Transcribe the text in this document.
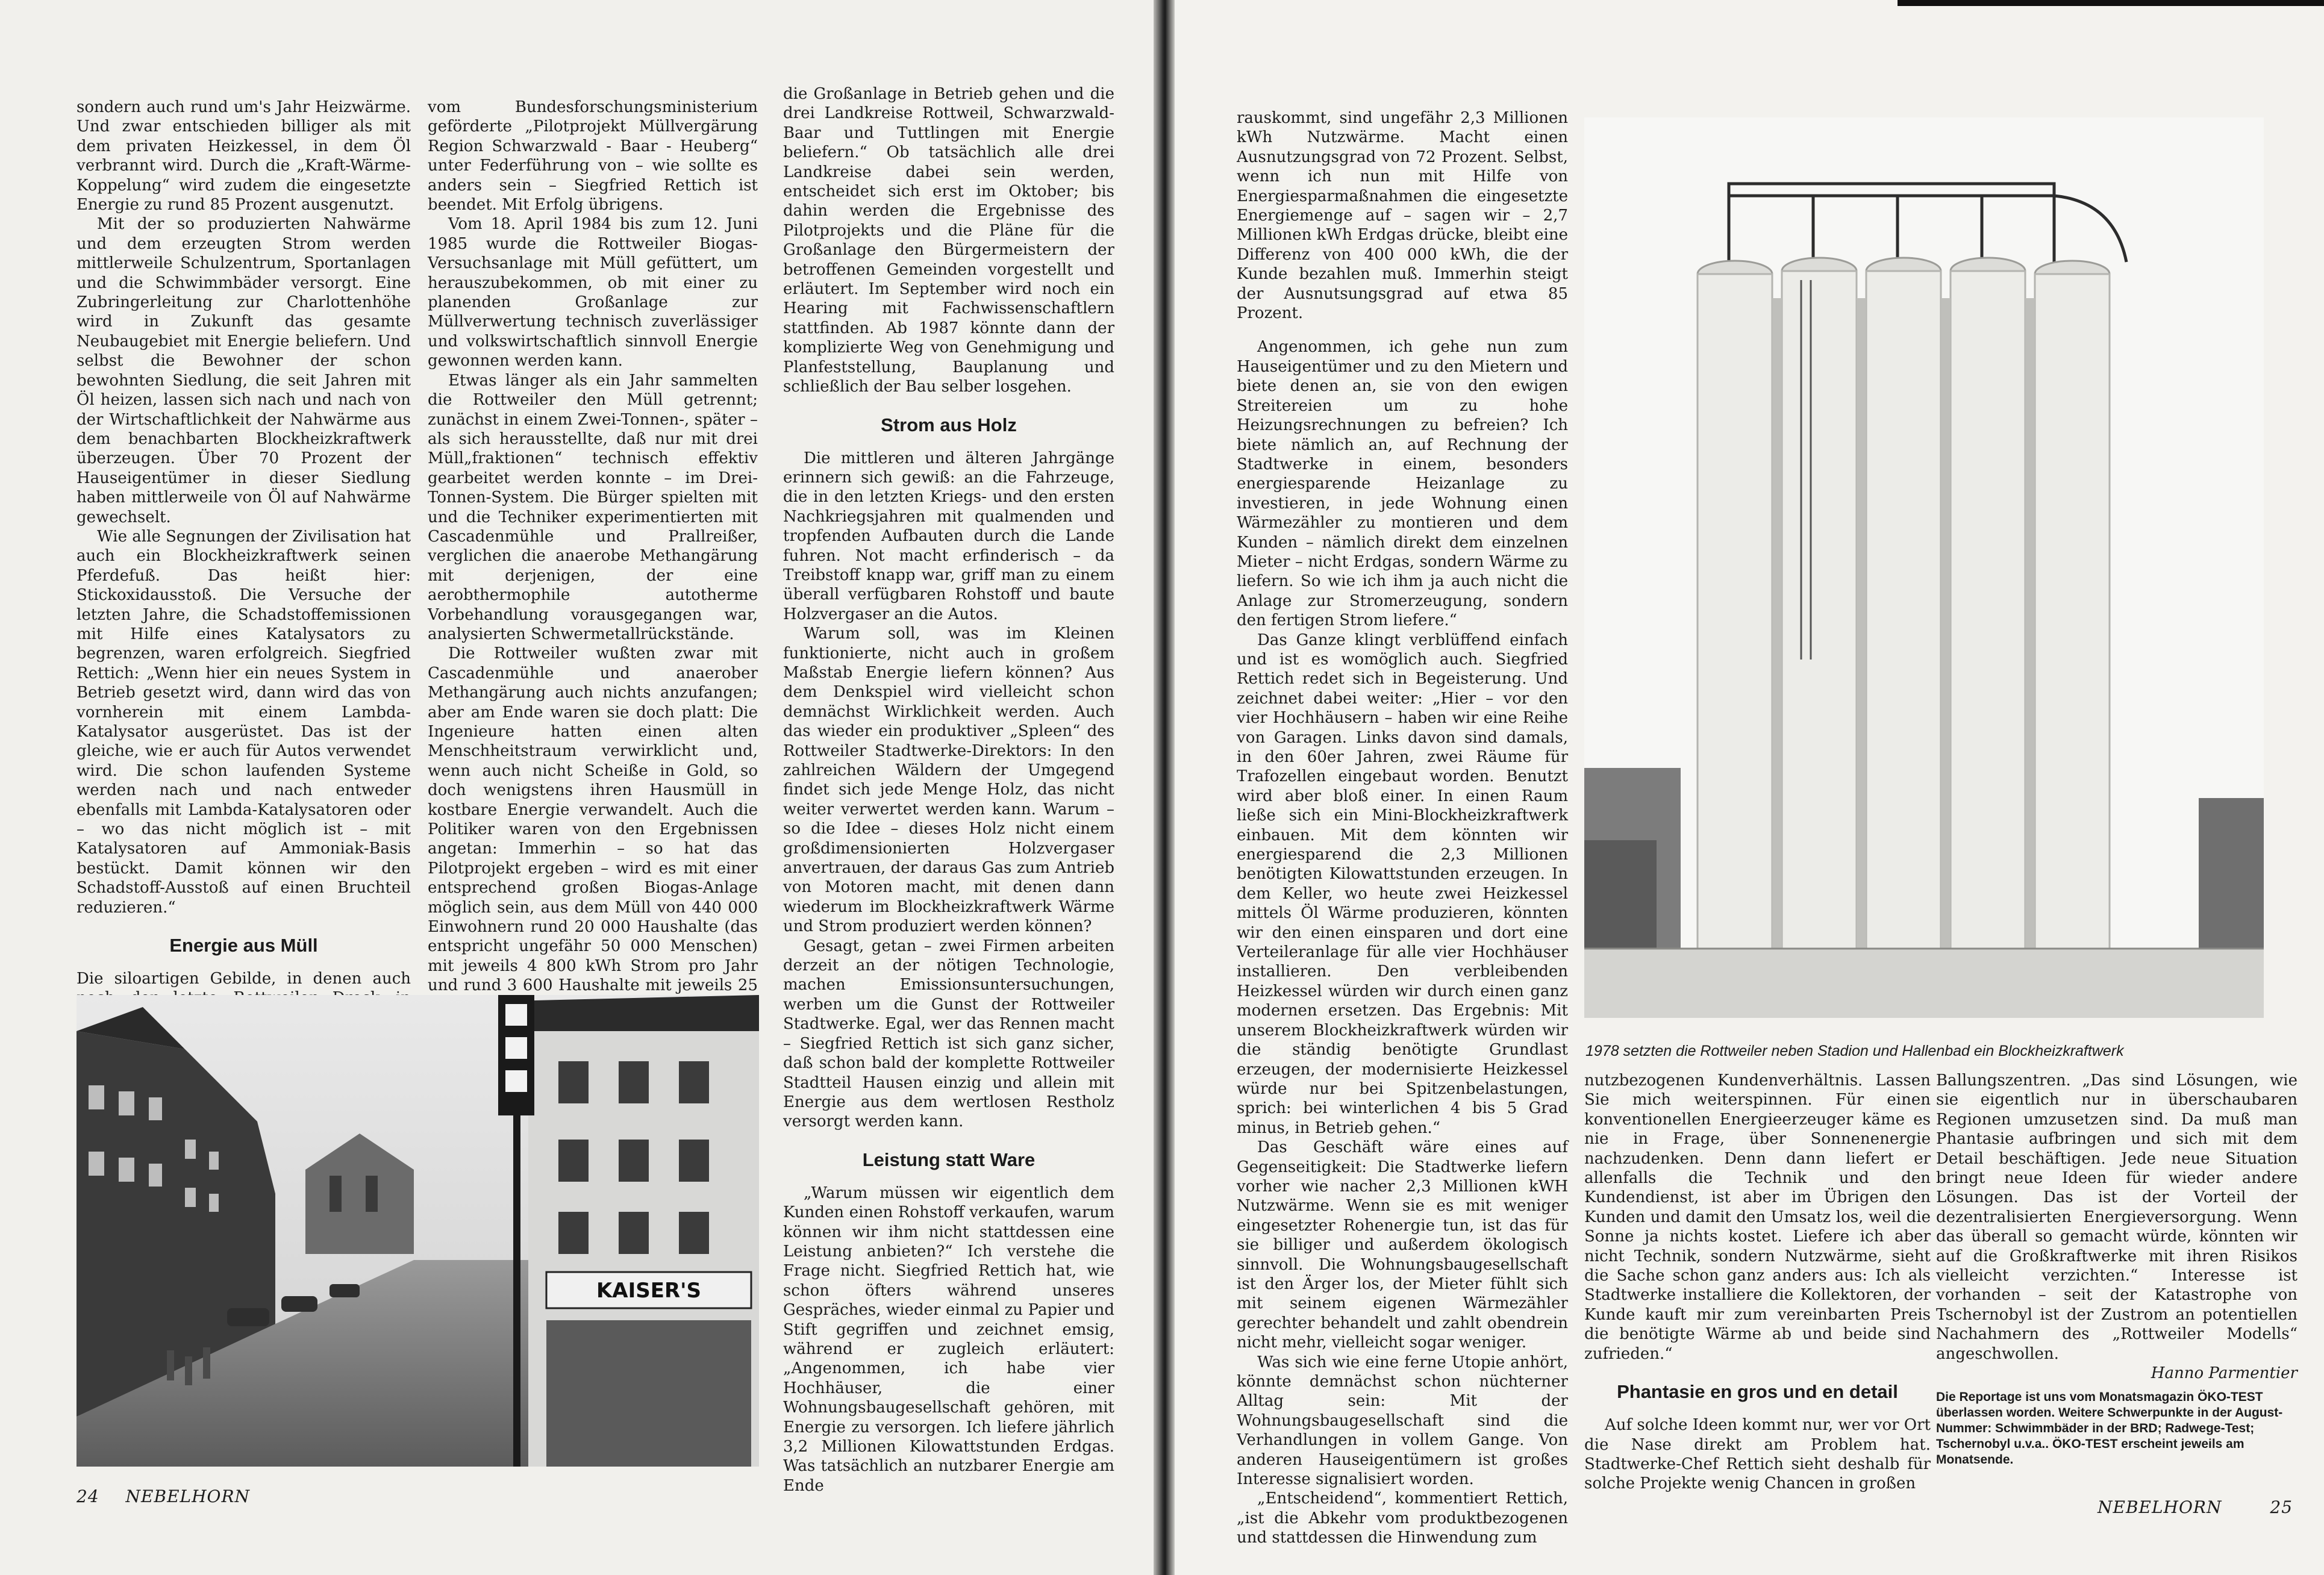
sondern auch rund um's Jahr Heizwärme. Und zwar entschieden billiger als mit dem privaten Heizkessel, in dem Öl verbrannt wird. Durch die „Kraft-Wärme-Koppelung“ wird zudem die eingesetzte Energie zu rund 85 Prozent ausgenutzt.

Mit der so produzierten Nahwärme und dem erzeugten Strom werden mittlerweile Schulzentrum, Sportanlagen und die Schwimmbäder versorgt. Eine Zubringerleitung zur Charlottenhöhe wird in Zukunft das gesamte Neubaugebiet mit Energie beliefern. Und selbst die Bewohner der schon bewohnten Siedlung, die seit Jahren mit Öl heizen, lassen sich nach und nach von der Wirtschaftlichkeit der Nahwärme aus dem benachbarten Blockheizkraftwerk überzeugen. Über 70 Prozent der Hauseigentümer in dieser Siedlung haben mittlerweile von Öl auf Nahwärme gewechselt.

Wie alle Segnungen der Zivilisation hat auch ein Blockheizkraftwerk seinen Pferdefuß. Das heißt hier: Stickoxidausstoß. Die Versuche der letzten Jahre, die Schadstoffemissionen mit Hilfe eines Katalysators zu begrenzen, waren erfolgreich. Siegfried Rettich: „Wenn hier ein neues System in Betrieb gesetzt wird, dann wird das von vornherein mit einem Lambda-Katalysator ausgerüstet. Das ist der gleiche, wie er auch für Autos verwendet wird. Die schon laufenden Systeme werden nach und nach entweder ebenfalls mit Lambda-Katalysatoren oder – wo das nicht möglich ist – mit Katalysatoren auf Ammoniak-Basis bestückt. Damit können wir den Schadstoff-Ausstoß auf einen Bruchteil reduzieren.“

Energie aus Müll

Die siloartigen Gebilde, in denen auch

vom Bundesforschungsministerium geförderte „Pilotprojekt Müllvergärung Region Schwarzwald - Baar - Heuberg“ unter Federführung von – wie sollte es anders sein – Siegfried Rettich ist beendet. Mit Erfolg übrigens.

Vom 18. April 1984 bis zum 12. Juni 1985 wurde die Rottweiler Biogas-Versuchsanlage mit Müll gefüttert, um herauszubekommen, ob mit einer zu planenden Großanlage zur Müllverwertung technisch zuverlässiger und volkswirtschaftlich sinnvoll Energie gewonnen werden kann.

Etwas länger als ein Jahr sammelten die Rottweiler den Müll getrennt; zunächst in einem Zwei-Tonnen-, später – als sich herausstellte, daß nur mit drei Müll„fraktionen“ technisch effektiv gearbeitet werden konnte – im Drei-Tonnen-System. Die Bürger spielten mit und die Techniker experimentierten mit Cascadenmühle und Prallreißer, verglichen die anaerobe Methangärung mit derjenigen, der eine aerobthermophile autotherme Vorbehandlung vorausgegangen war, analysierten Schwermetallrückstände.

Die Rottweiler wußten zwar mit Cascadenmühle und anaerober Methangärung auch nichts anzufangen; aber am Ende waren sie doch platt: Die Ingenieure hatten einen alten Menschheitstraum verwirklicht und, wenn auch nicht Scheiße in Gold, so doch wenigstens ihren Hausmüll in kostbare Energie verwandelt. Auch die Politiker waren von den Ergebnissen angetan: Immerhin – so hat das Pilotprojekt ergeben – wird es mit einer entsprechend großen Biogas-Anlage möglich sein, aus dem Müll von 440 000 Einwohnern rund 20 000 Haushalte (das entspricht ungefähr 50 000 Menschen) mit jeweils 4 800 kWh Strom pro Jahr und rund 3 600 Haushalte mit jeweils 25

die Großanlage in Betrieb gehen und die drei Landkreise Rottweil, Schwarzwald-Baar und Tuttlingen mit Energie beliefern.“ Ob tatsächlich alle drei Landkreise dabei sein werden, entscheidet sich erst im Oktober; bis dahin werden die Ergebnisse des Pilotprojekts und die Pläne für die Großanlage den Bürgermeistern der betroffenen Gemeinden vorgestellt und erläutert. Im September wird noch ein Hearing mit Fachwissenschaftlern stattfinden. Ab 1987 könnte dann der komplizierte Weg von Genehmigung und Planfeststellung, Bauplanung und schließlich der Bau selber losgehen.

Strom aus Holz

Die mittleren und älteren Jahrgänge erinnern sich gewiß: an die Fahrzeuge, die in den letzten Kriegs- und den ersten Nachkriegsjahren mit qualmenden und tropfenden Aufbauten durch die Lande fuhren. Not macht erfinderisch – da Treibstoff knapp war, griff man zu einem überall verfügbaren Rohstoff und baute Holzvergaser an die Autos.

Warum soll, was im Kleinen funktionierte, nicht auch in großem Maßstab Energie liefern können? Aus dem Denkspiel wird vielleicht schon demnächst Wirklichkeit werden. Auch das wieder ein produktiver „Spleen“ des Rottweiler Stadtwerke-Direktors: In den zahlreichen Wäldern der Umgegend findet sich jede Menge Holz, das nicht weiter verwertet werden kann. Warum – so die Idee – dieses Holz nicht einem großdimensionierten Holzvergaser anvertrauen, der daraus Gas zum Antrieb von Motoren macht, mit denen dann wiederum im Blockheizkraftwerk Wärme und Strom produziert werden können?

Gesagt, getan – zwei Firmen arbeiten derzeit an der nötigen Technologie, machen Emissionsuntersuchungen, werben um die Gunst der Rottweiler Stadtwerke. Egal, wer das Rennen macht – Siegfried Rettich ist sich ganz sicher, daß schon bald der komplette Rottweiler Stadtteil Hausen einzig und allein mit Energie aus dem wertlosen Restholz versorgt werden kann.

Leistung statt Ware

„Warum müssen wir eigentlich dem Kunden einen Rohstoff verkaufen, warum können wir ihm nicht stattdessen eine Leistung anbieten?“ Ich verstehe die Frage nicht. Siegfried Rettich hat, wie schon öfters während unseres Gespräches, wieder einmal zu Papier und Stift gegriffen und zeichnet emsig, während er zugleich erläutert: „Angenommen, ich habe vier Hochhäuser, die einer Wohnungsbaugesellschaft gehören, mit Energie zu versorgen. Ich liefere jährlich 3,2 Millionen Kilowattstunden Erdgas. Was tatsächlich an nutzbarer Energie am Ende

KAISER'S
24 NEBELHORN

rauskommt, sind ungefähr 2,3 Millionen kWh Nutzwärme. Macht einen Ausnutzungsgrad von 72 Prozent. Selbst, wenn ich nun mit Hilfe von Energiesparmaßnahmen die eingesetzte Energiemenge auf – sagen wir – 2,7 Millionen kWh Erdgas drücke, bleibt eine Differenz von 400 000 kWh, die der Kunde bezahlen muß. Immerhin steigt der Ausnutsungsgrad auf etwa 85 Prozent.

Angenommen, ich gehe nun zum Hauseigentümer und zu den Mietern und biete denen an, sie von den ewigen Streitereien um zu hohe Heizungsrechnungen zu befreien? Ich biete nämlich an, auf Rechnung der Stadtwerke in einem, besonders energiesparende Heizanlage zu investieren, in jede Wohnung einen Wärmezähler zu montieren und dem Kunden – nämlich direkt dem einzelnen Mieter – nicht Erdgas, sondern Wärme zu liefern. So wie ich ihm ja auch nicht die Anlage zur Stromerzeugung, sondern den fertigen Strom liefere.“

Das Ganze klingt verblüffend einfach und ist es womöglich auch. Siegfried Rettich redet sich in Begeisterung. Und zeichnet dabei weiter: „Hier – vor den vier Hochhäusern – haben wir eine Reihe von Garagen. Links davon sind damals, in den 60er Jahren, zwei Räume für Trafozellen eingebaut worden. Benutzt wird aber bloß einer. In einen Raum ließe sich ein Mini-Blockheizkraftwerk einbauen. Mit dem könnten wir energiesparend die 2,3 Millionen benötigten Kilowattstunden erzeugen. In dem Keller, wo heute zwei Heizkessel mittels Öl Wärme produzieren, könnten wir den einen einsparen und dort eine Verteileranlage für alle vier Hochhäuser installieren. Den verbleibenden Heizkessel würden wir durch einen ganz modernen ersetzen. Das Ergebnis: Mit unserem Blockheizkraftwerk würden wir die ständig benötigte Grundlast erzeugen, der modernisierte Heizkessel würde nur bei Spitzenbelastungen, sprich: bei winterlichen 4 bis 5 Grad minus, in Betrieb gehen.“

Das Geschäft wäre eines auf Gegenseitigkeit: Die Stadtwerke liefern vorher wie nacher 2,3 Millionen kWH Nutzwärme. Wenn sie es mit weniger eingesetzter Rohenergie tun, ist das für sie billiger und außerdem ökologisch sinnvoll. Die Wohnungsbaugesellschaft ist den Ärger los, der Mieter fühlt sich mit seinem eigenen Wärmezähler gerechter behandelt und zahlt obendrein nicht mehr, vielleicht sogar weniger.

Was sich wie eine ferne Utopie anhört, könnte demnächst schon nüchterner Alltag sein: Mit der Wohnungsbaugesellschaft sind die Verhandlungen in vollem Gange. Von anderen Hauseigentümern ist großes Interesse signalisiert worden.

„Entscheidend“, kommentiert Rettich, „ist die Abkehr vom produktbezogenen und stattdessen die Hinwendung zum

nutzbezogenen Kundenverhältnis. Lassen Sie mich weiterspinnen. Für einen konventionellen Energieerzeuger käme es nie in Frage, über Sonnenenergie nachzudenken. Denn dann liefert er allenfalls die Technik und den Kundendienst, ist aber im Übrigen den Kunden und damit den Umsatz los, weil die Sonne ja nichts kostet. Liefere ich aber nicht Technik, sondern Nutzwärme, sieht die Sache schon ganz anders aus: Ich als Stadtwerke installiere die Kollektoren, der Kunde kauft mir zum vereinbarten Preis die benötigte Wärme ab und beide sind zufrieden.“

Phantasie en gros und en detail

Auf solche Ideen kommt nur, wer vor Ort die Nase direkt am Problem hat. Stadtwerke-Chef Rettich sieht deshalb für solche Projekte wenig Chancen in großen

Ballungszentren. „Das sind Lösungen, wie sie eigentlich nur in überschaubaren Regionen umzusetzen sind. Da muß man Phantasie aufbringen und sich mit dem Detail beschäftigen. Jede neue Situation bringt neue Ideen für wieder andere Lösungen. Das ist der Vorteil der dezentralisierten Energieversorgung. Wenn das überall so gemacht würde, könnten wir auf die Großkraftwerke mit ihren Risikos vielleicht verzichten.“ Interesse ist vorhanden – seit der Katastrophe von Tschernobyl ist der Zustrom an potentiellen Nachahmern des „Rottweiler Modells“ angeschwollen.

Hanno Parmentier

Die Reportage ist uns vom Monatsmagazin ÖKO-TEST überlassen worden. Weitere Schwerpunkte in der August-Nummer: Schwimmbäder in der BRD; Radwege-Test; Tschernobyl u.v.a.. ÖKO-TEST erscheint jeweils am Monatsende.

1978 setzten die Rottweiler neben Stadion und Hallenbad ein Blockheizkraftwerk
NEBELHORN	25
